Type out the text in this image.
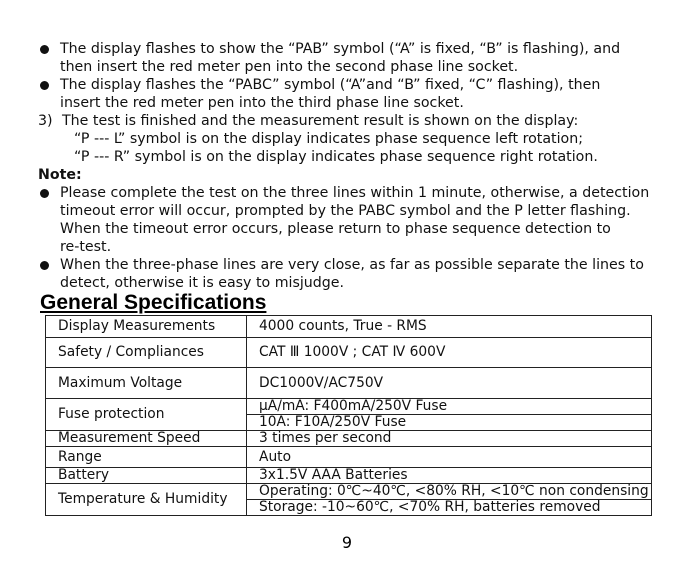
The display flashes to show the “PAB” symbol (“A” is fixed, “B” is flashing), and
then insert the red meter pen into the second phase line socket.
The display flashes the “PABC” symbol (“A”and “B” fixed, “C” flashing), then
insert the red meter pen into the third phase line socket.
3) The test is finished and the measurement result is shown on the display:
“P --- L” symbol is on the display indicates phase sequence left rotation;
“P --- R” symbol is on the display indicates phase sequence right rotation.
Note:
Please complete the test on the three lines within 1 minute, otherwise, a detection
timeout error will occur, prompted by the PABC symbol and the P letter flashing.
When the timeout error occurs, please return to phase sequence detection to
re-test.
When the three-phase lines are very close, as far as possible separate the lines to
detect, otherwise it is easy to misjudge.
General Specifications
Display Measurements	4000 counts, True - RMS
Safety / Compliances	CAT Ⅲ 1000V ; CAT Ⅳ 600V
Maximum Voltage	DC1000V/AC750V
Fuse protection	μA/mA: F400mA/250V Fuse
	10A: F10A/250V Fuse
Measurement Speed	3 times per second
Range	Auto
Battery	3x1.5V AAA Batteries
Temperature & Humidity	Operating: 0℃~40℃, <80% RH, <10℃ non condensing
	Storage: -10~60℃, <70% RH, batteries removed
9
